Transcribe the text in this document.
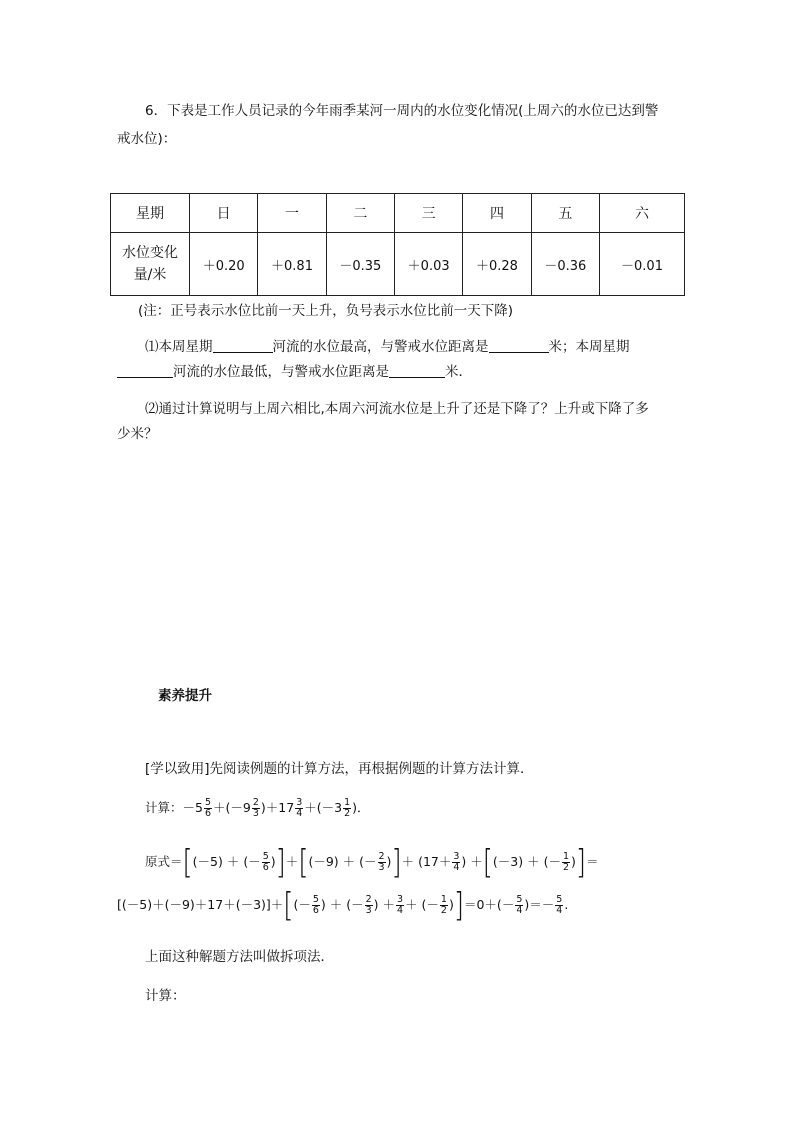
6．下表是工作人员记录的今年雨季某河一周内的水位变化情况(上周六的水位已达到警
戒水位)：
星期	日	一	二	三	四	五	六
水位变化
量/米	＋0.20	＋0.81	－0.35	＋0.03	＋0.28	－0.36	－0.01
(注：正号表示水位比前一天上升，负号表示水位比前一天下降)
⑴本周星期	河流的水位最高，与警戒水位距离是	米；本周星期
河流的水位最低，与警戒水位距离是	米．
⑵通过计算说明与上周六相比,本周六河流水位是上升了还是下降了？上升或下降了多
少米？
素养提升
[学以致用]先阅读例题的计算方法，再根据例题的计算方法计算．
计算：$-5 \frac{5}{6} +(-9 \frac{2}{3} )+17 \frac{3}{4} +(-3 \frac{1}{2}$ )．
原式＝[(－5) ＋ (－ $\frac{5}{6} )]+[(-9)$ ＋ (－ $\frac{2}{3}$ )]＋ ($17+ \frac{3}{4}$ ) ＋[(－3) ＋ (－ $\frac{1}{2}$ )]＝
$[(-5)+(-9)+17+(-3)]+[(- \frac{5}{6}$ ) ＋ (－ $\frac{2}{3}$ ) ＋ $\frac{3}{4}$ ＋ (－ $\frac{1}{2} )]=0+(- \frac{5}{4}$ )＝－ $\frac{5}{4}$ .
上面这种解题方法叫做拆项法．
计算：
